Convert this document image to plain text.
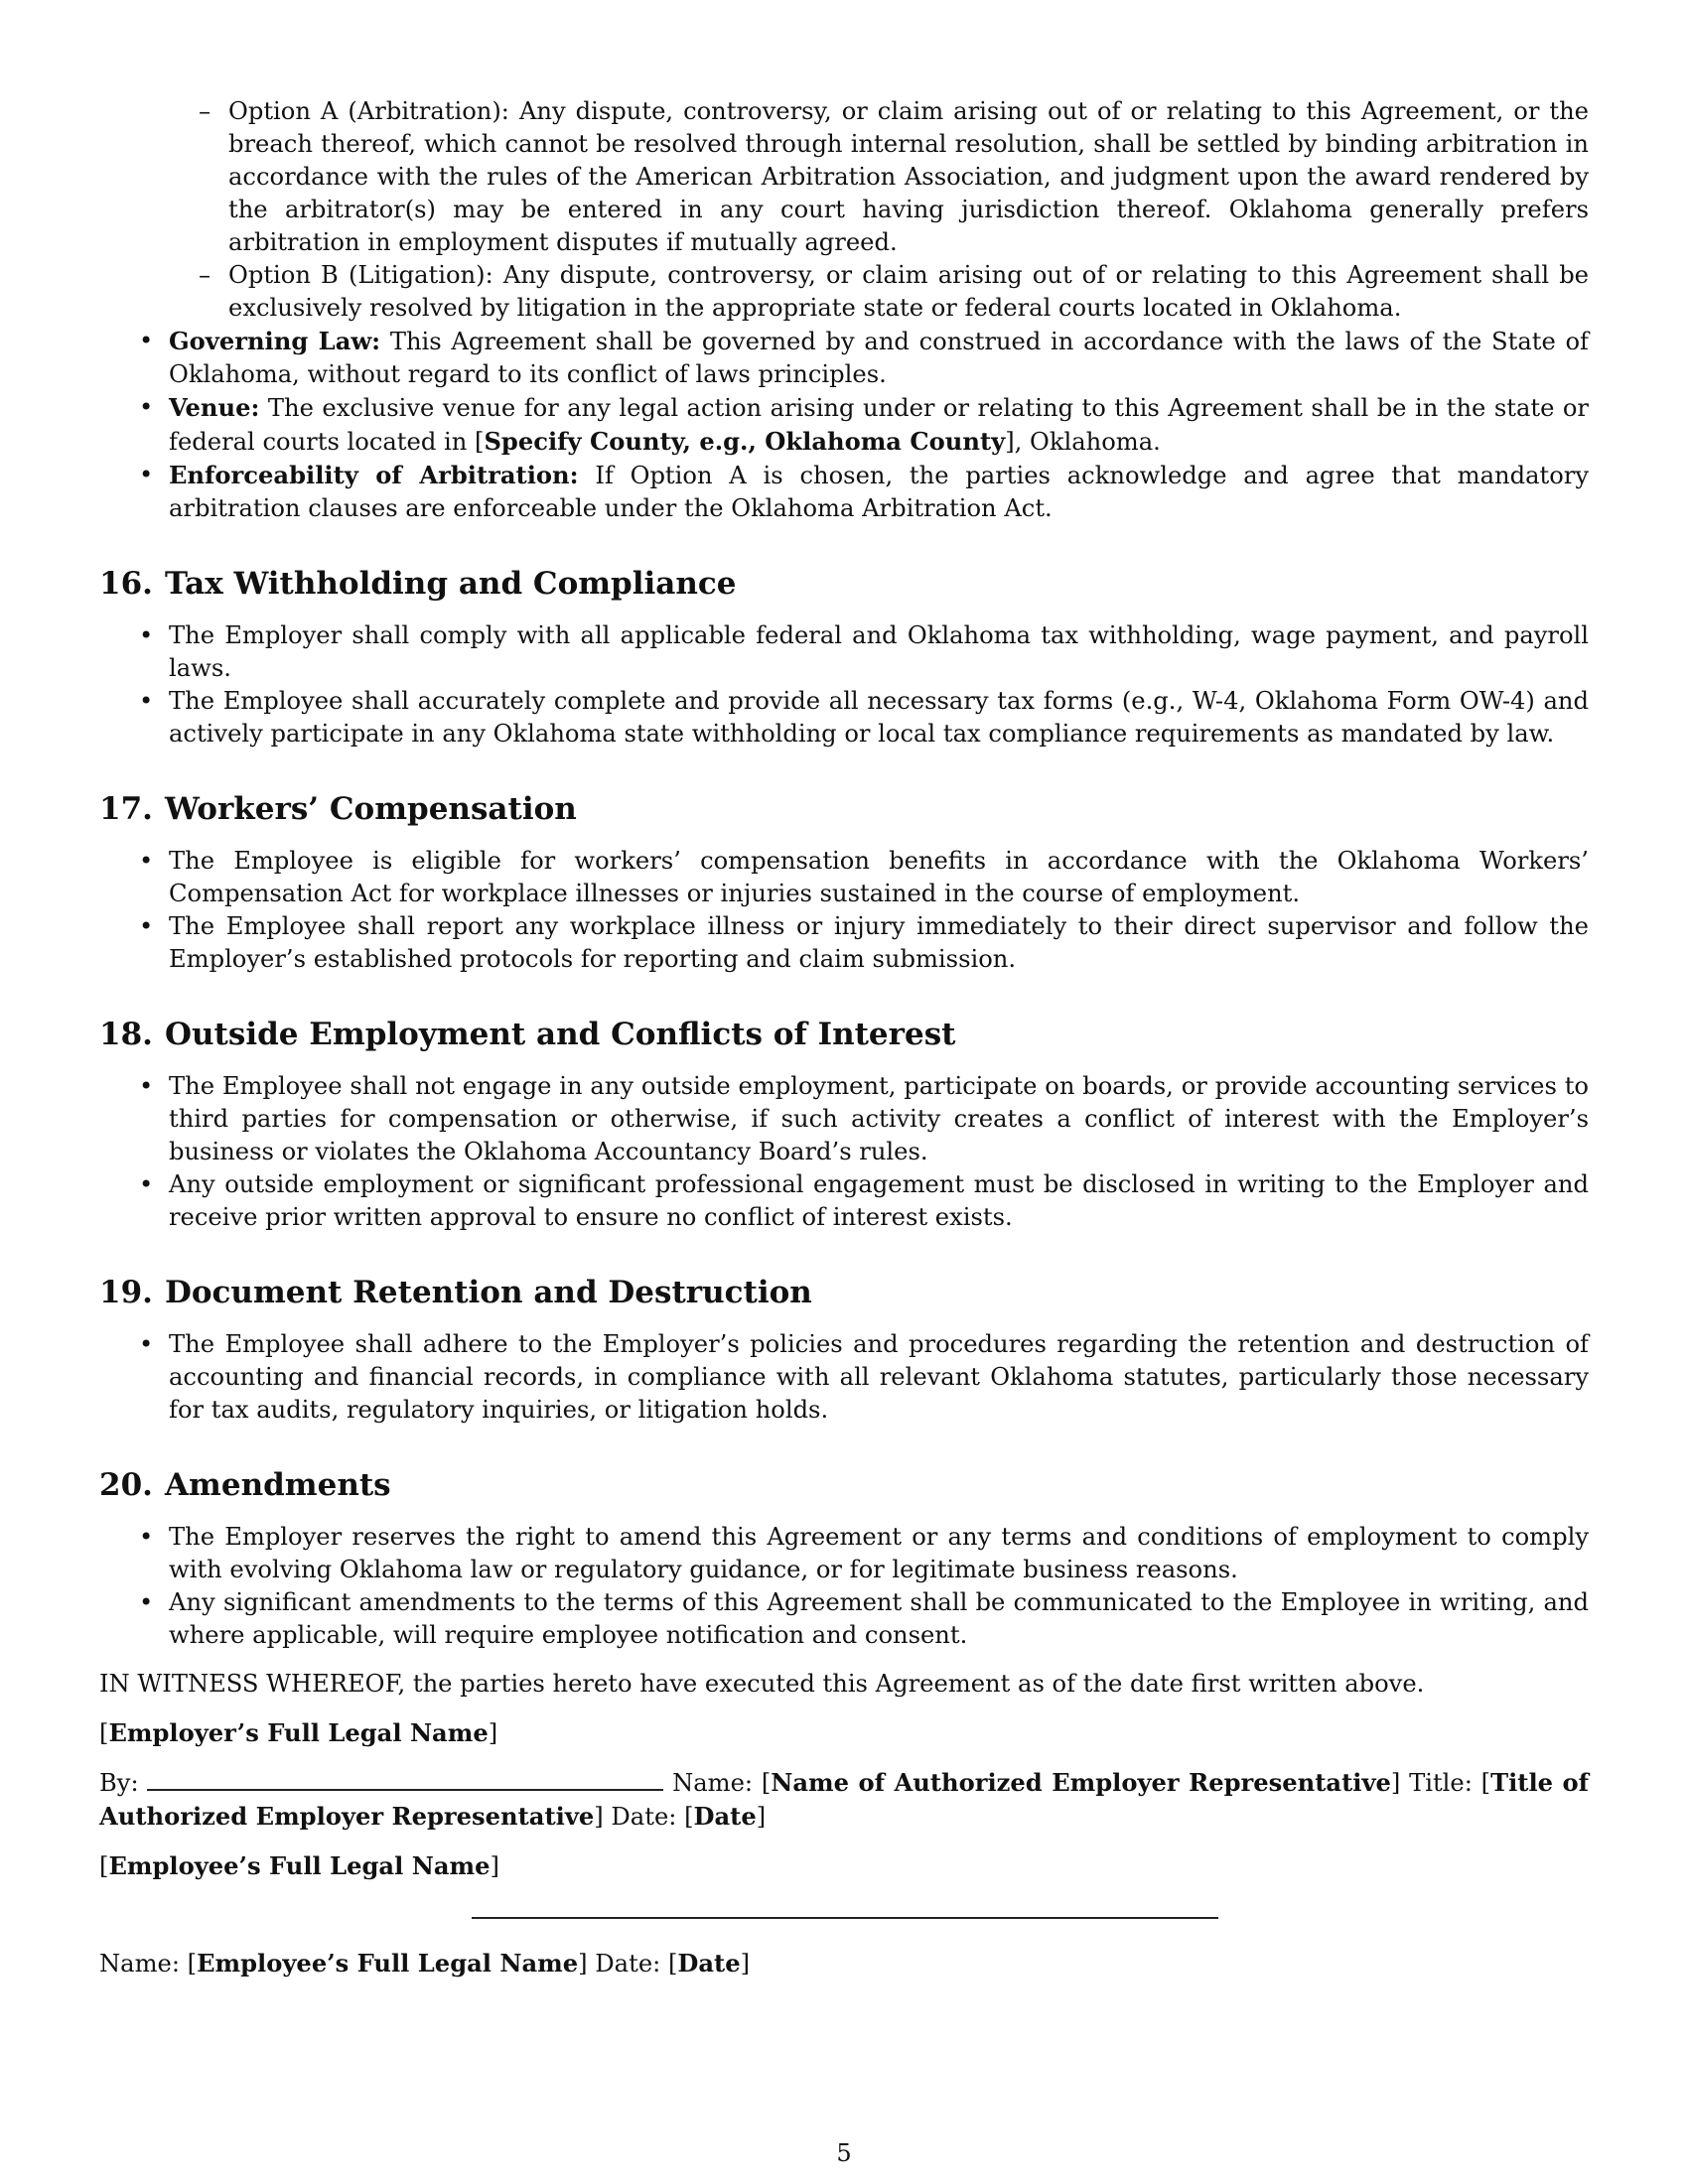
– Option A (Arbitration): Any dispute, controversy, or claim arising out of or relating to this Agreement, or the breach thereof, which cannot be resolved through internal resolution, shall be settled by binding arbitration in accordance with the rules of the American Arbitration Association, and judgment upon the award rendered by the arbitrator(s) may be entered in any court having jurisdiction thereof. Oklahoma generally prefers arbitration in employment disputes if mutually agreed.
– Option B (Litigation): Any dispute, controversy, or claim arising out of or relating to this Agreement shall be exclusively resolved by litigation in the appropriate state or federal courts located in Oklahoma.
• Governing Law: This Agreement shall be governed by and construed in accordance with the laws of the State of Oklahoma, without regard to its conflict of laws principles.
• Venue: The exclusive venue for any legal action arising under or relating to this Agreement shall be in the state or federal courts located in [Specify County, e.g., Oklahoma County], Oklahoma.
• Enforceability of Arbitration: If Option A is chosen, the parties acknowledge and agree that mandatory arbitration clauses are enforceable under the Oklahoma Arbitration Act.
16. Tax Withholding and Compliance
• The Employer shall comply with all applicable federal and Oklahoma tax withholding, wage payment, and payroll laws.
• The Employee shall accurately complete and provide all necessary tax forms (e.g., W-4, Oklahoma Form OW-4) and actively participate in any Oklahoma state withholding or local tax compliance requirements as mandated by law.
17. Workers’ Compensation
• The Employee is eligible for workers’ compensation benefits in accordance with the Oklahoma Workers’ Compensation Act for workplace illnesses or injuries sustained in the course of employment.
• The Employee shall report any workplace illness or injury immediately to their direct supervisor and follow the Employer’s established protocols for reporting and claim submission.
18. Outside Employment and Conflicts of Interest
• The Employee shall not engage in any outside employment, participate on boards, or provide accounting services to third parties for compensation or otherwise, if such activity creates a conflict of interest with the Employer’s business or violates the Oklahoma Accountancy Board’s rules.
• Any outside employment or significant professional engagement must be disclosed in writing to the Employer and receive prior written approval to ensure no conflict of interest exists.
19. Document Retention and Destruction
• The Employee shall adhere to the Employer’s policies and procedures regarding the retention and destruction of accounting and financial records, in compliance with all relevant Oklahoma statutes, particularly those necessary for tax audits, regulatory inquiries, or litigation holds.
20. Amendments
• The Employer reserves the right to amend this Agreement or any terms and conditions of employment to comply with evolving Oklahoma law or regulatory guidance, or for legitimate business reasons.
• Any significant amendments to the terms of this Agreement shall be communicated to the Employee in writing, and where applicable, will require employee notification and consent.

IN WITNESS WHEREOF, the parties hereto have executed this Agreement as of the date first written above.

[Employer’s Full Legal Name]

By:	Name: [Name of Authorized Employer Representative] Title: [Title of Authorized Employer Representative] Date: [Date]

[Employee’s Full Legal Name]

Name: [Employee’s Full Legal Name] Date: [Date]

5
